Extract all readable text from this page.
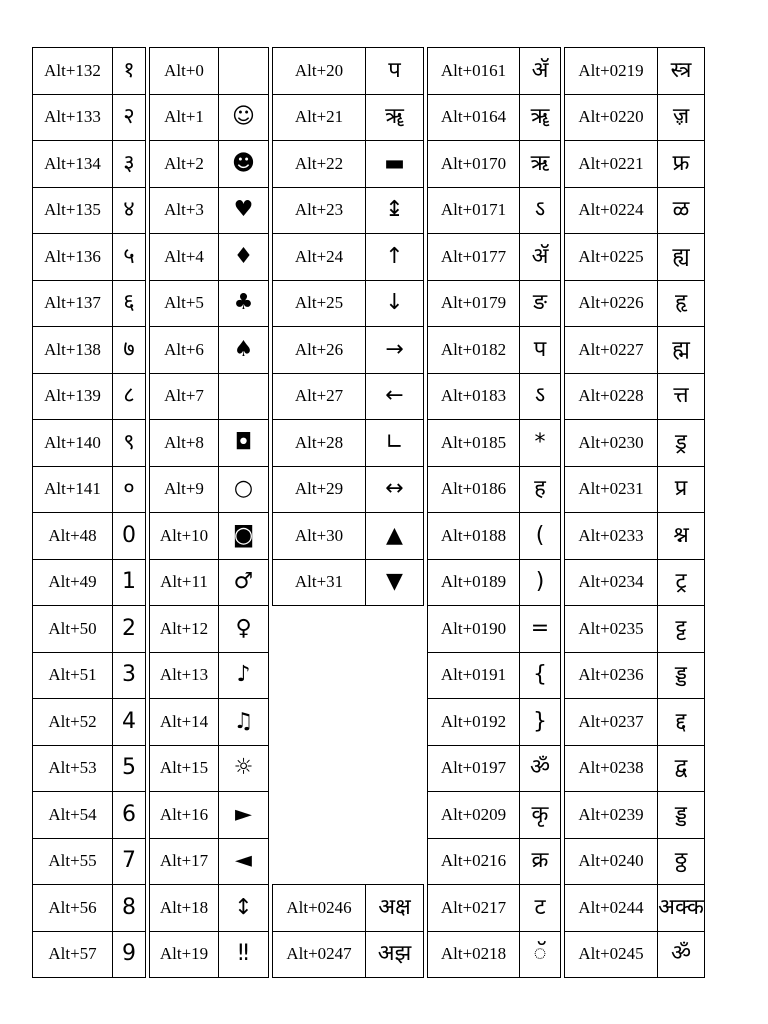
Alt+132	१
Alt+133	२
Alt+134	३
Alt+135	४
Alt+136	५
Alt+137	६
Alt+138	७
Alt+139	८
Alt+140	९
Alt+141	०
Alt+48	0
Alt+49	1
Alt+50	2
Alt+51	3
Alt+52	4
Alt+53	5
Alt+54	6
Alt+55	7
Alt+56	8
Alt+57	9
Alt+0	
Alt+1	☺
Alt+2	☻
Alt+3	♥
Alt+4	♦
Alt+5	♣
Alt+6	♠
Alt+7	
Alt+8	◘
Alt+9	○
Alt+10	◙
Alt+11	♂
Alt+12	♀
Alt+13	♪
Alt+14	♫
Alt+15	☼
Alt+16	►
Alt+17	◄
Alt+18	↕
Alt+19	‼
Alt+20	प
Alt+21	ॠ
Alt+22	▬
Alt+23	↨
Alt+24	↑
Alt+25	↓
Alt+26	→
Alt+27	←
Alt+28	∟
Alt+29	↔
Alt+30	▲
Alt+31	▼
Alt+0246	अक्ष
Alt+0247	अझ
Alt+0161	ॲ
Alt+0164	ॠ
Alt+0170	ऋ
Alt+0171	ऽ
Alt+0177	ॲ
Alt+0179	ङ
Alt+0182	प
Alt+0183	ऽ
Alt+0185	*
Alt+0186	ह
Alt+0188	(
Alt+0189	)
Alt+0190	=
Alt+0191	{
Alt+0192	}
Alt+0197	ॐ
Alt+0209	कृ
Alt+0216	क्र
Alt+0217	ट
Alt+0218	ॅ
Alt+0219	स्त्र
Alt+0220	ॹ
Alt+0221	फ्र
Alt+0224	ळ
Alt+0225	ह्य
Alt+0226	हृ
Alt+0227	ह्म
Alt+0228	त्त
Alt+0230	ड्र
Alt+0231	प्र
Alt+0233	श्न
Alt+0234	ट्र
Alt+0235	ट्ट
Alt+0236	ड्ड
Alt+0237	द्द
Alt+0238	द्व
Alt+0239	ड्ड
Alt+0240	ठ्ठ
Alt+0244	अक्क
Alt+0245	ॐ
